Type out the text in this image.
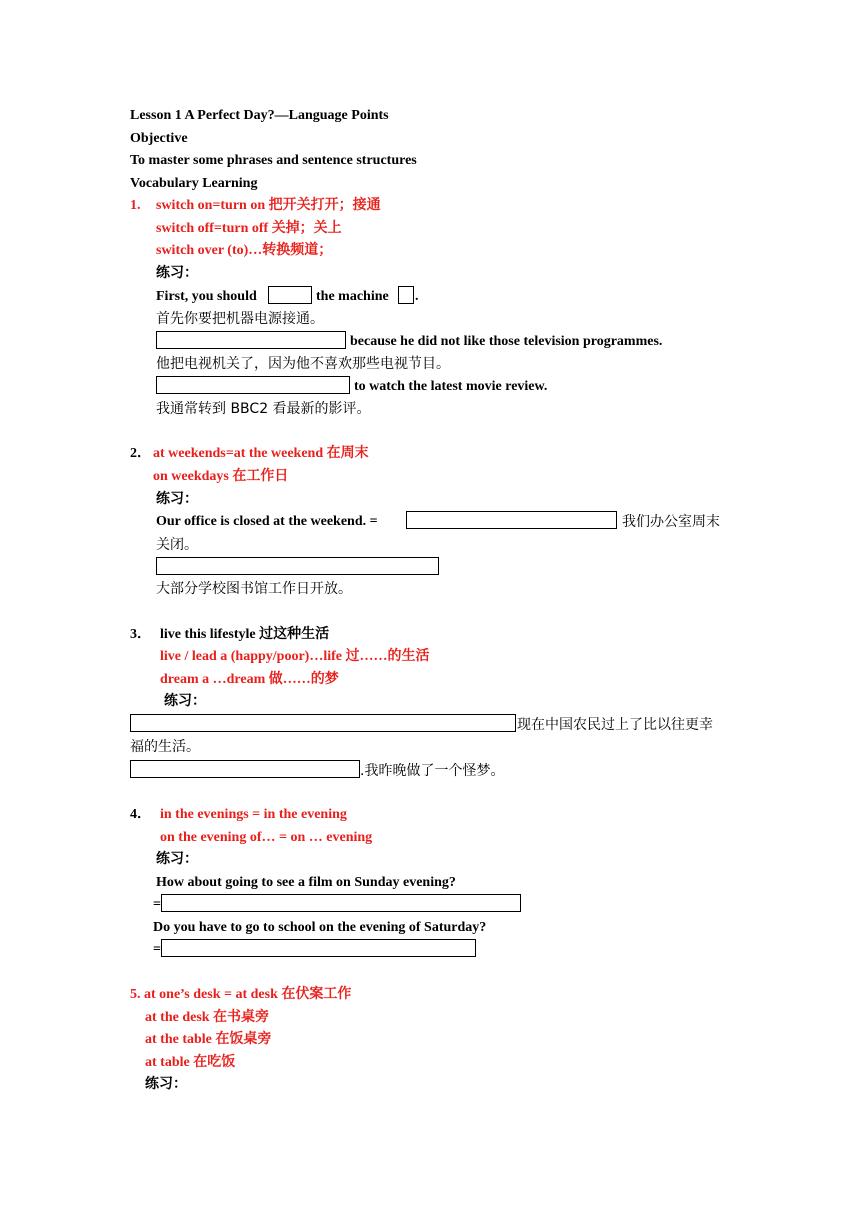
Lesson 1 A Perfect Day?—Language Points
Objective
To master some phrases and sentence structures
Vocabulary Learning
1. switch on=turn on 把开关打开；接通
switch off=turn off 关掉；关上
switch over (to)…转换频道；
练习：
First, you should	the machine .
首先你要把机器电源接通。
because he did not like those television programmes.
他把电视机关了，因为他不喜欢那些电视节目。
to watch the latest movie review.
我通常转到 BBC2 看最新的影评。
2． at weekends=at the weekend 在周末
on weekdays 在工作日
练习：
Our office is closed at the weekend. =	我们办公室周末
关闭。
大部分学校图书馆工作日开放。
3． live this lifestyle 过这种生活
live / lead a (happy/poor)…life 过……的生活
dream a …dream 做……的梦
练习：
现在中国农民过上了比以往更幸
福的生活。
.我昨晚做了一个怪梦。
4． in the evenings = in the evening
on the evening of… = on … evening
练习：
How about going to see a film on Sunday evening?
=
Do you have to go to school on the evening of Saturday?
=
5. at one’s desk = at desk 在伏案工作
at the desk 在书桌旁
at the table 在饭桌旁
at table 在吃饭
练习：
